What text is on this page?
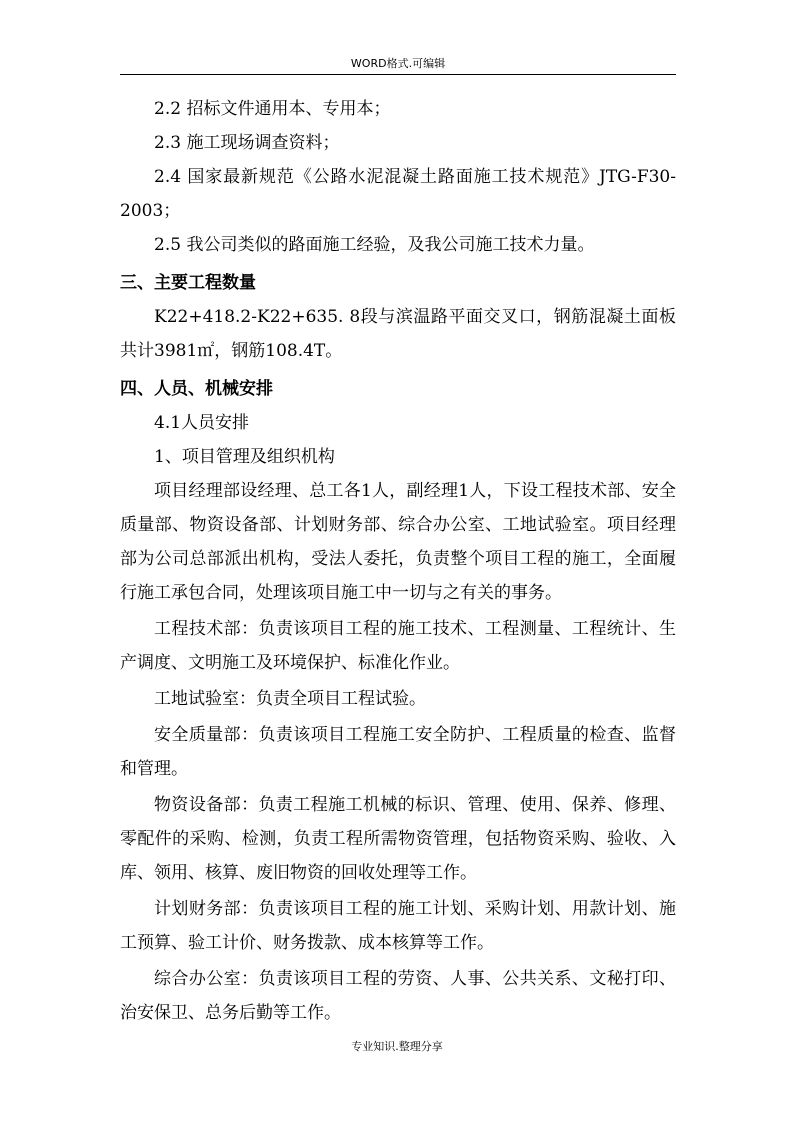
WORD格式.可编辑

2.2 招标文件通用本、专用本；

2.3 施工现场调查资料；

2.4 国家最新规范《公路水泥混凝土路面施工技术规范》JTG-F30-2003；

2.5 我公司类似的路面施工经验，及我公司施工技术力量。

三、主要工程数量

K22+418.2-K22+635. 8段与滨温路平面交叉口，钢筋混凝土面板共计3981㎡，钢筋108.4T。

四、人员、机械安排

4.1人员安排

1、项目管理及组织机构

项目经理部设经理、总工各1人，副经理1人，下设工程技术部、安全质量部、物资设备部、计划财务部、综合办公室、工地试验室。项目经理部为公司总部派出机构，受法人委托，负责整个项目工程的施工，全面履行施工承包合同，处理该项目施工中一切与之有关的事务。

工程技术部：负责该项目工程的施工技术、工程测量、工程统计、生产调度、文明施工及环境保护、标准化作业。

工地试验室：负责全项目工程试验。

安全质量部：负责该项目工程施工安全防护、工程质量的检查、监督和管理。

物资设备部：负责工程施工机械的标识、管理、使用、保养、修理、零配件的采购、检测，负责工程所需物资管理，包括物资采购、验收、入库、领用、核算、废旧物资的回收处理等工作。

计划财务部：负责该项目工程的施工计划、采购计划、用款计划、施工预算、验工计价、财务拨款、成本核算等工作。

综合办公室：负责该项目工程的劳资、人事、公共关系、文秘打印、治安保卫、总务后勤等工作。

专业知识.整理分享
